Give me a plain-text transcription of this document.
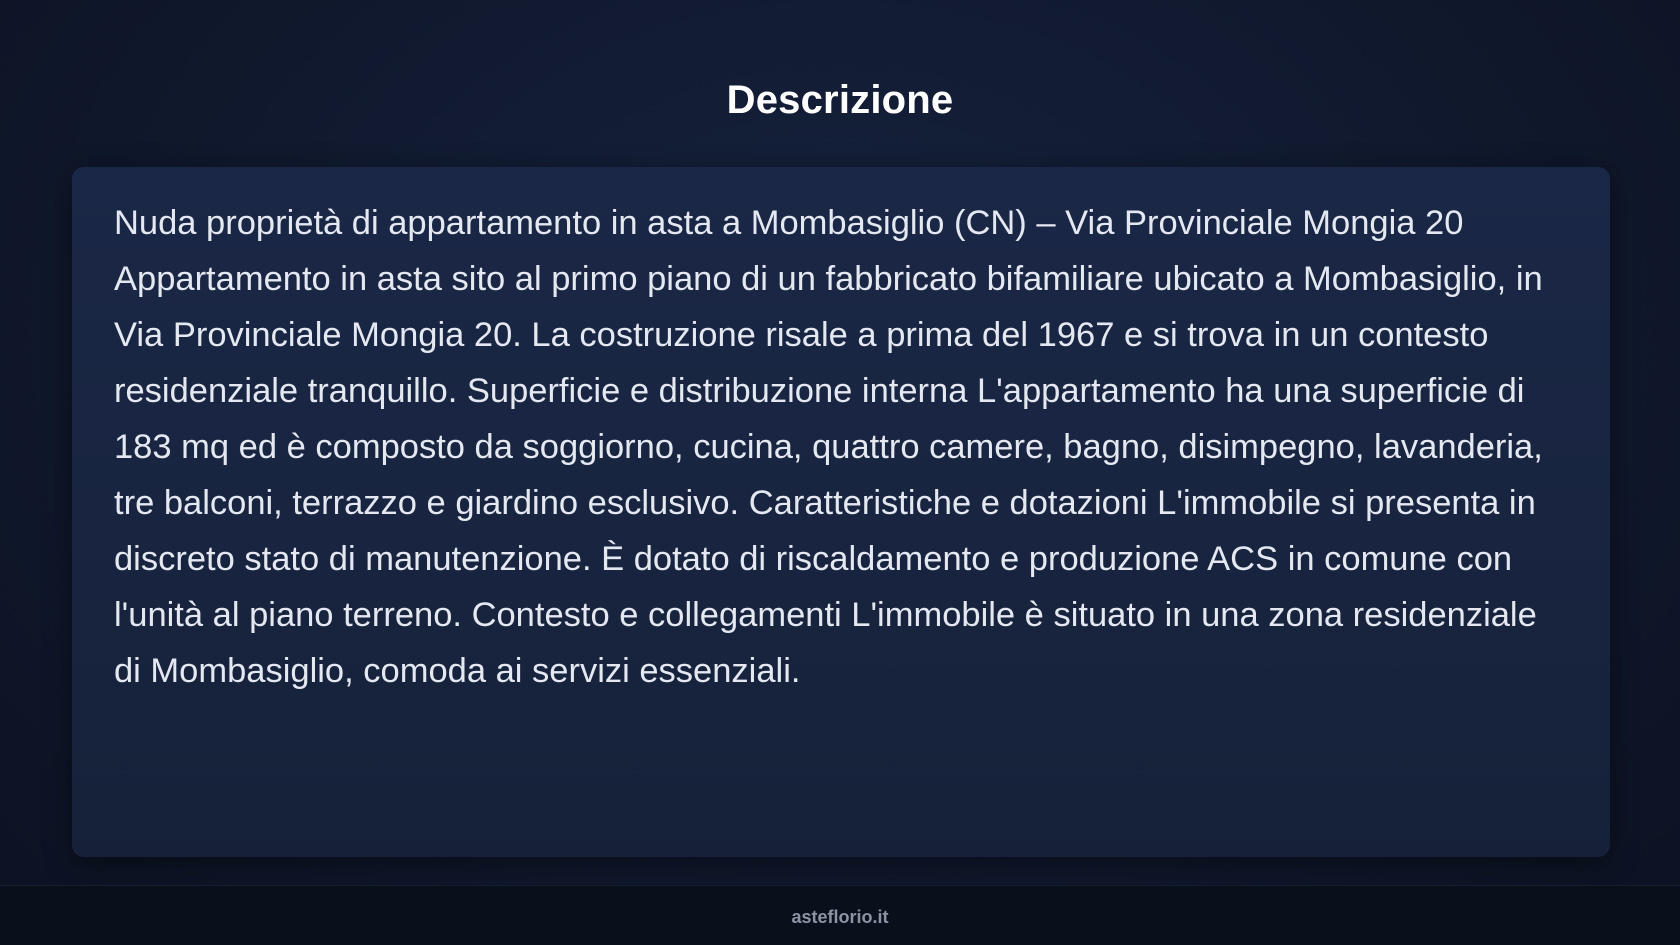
Descrizione

Nuda proprietà di appartamento in asta a Mombasiglio (CN) – Via Provinciale Mongia 20 Appartamento in asta sito al primo piano di un fabbricato bifamiliare ubicato a Mombasiglio, in Via Provinciale Mongia 20. La costruzione risale a prima del 1967 e si trova in un contesto residenziale tranquillo. Superficie e distribuzione interna L'appartamento ha una superficie di 183 mq ed è composto da soggiorno, cucina, quattro camere, bagno, disimpegno, lavanderia, tre balconi, terrazzo e giardino esclusivo. Caratteristiche e dotazioni L'immobile si presenta in discreto stato di manutenzione. È dotato di riscaldamento e produzione ACS in comune con l'unità al piano terreno. Contesto e collegamenti L'immobile è situato in una zona residenziale di Mombasiglio, comoda ai servizi essenziali.

asteflorio.it
